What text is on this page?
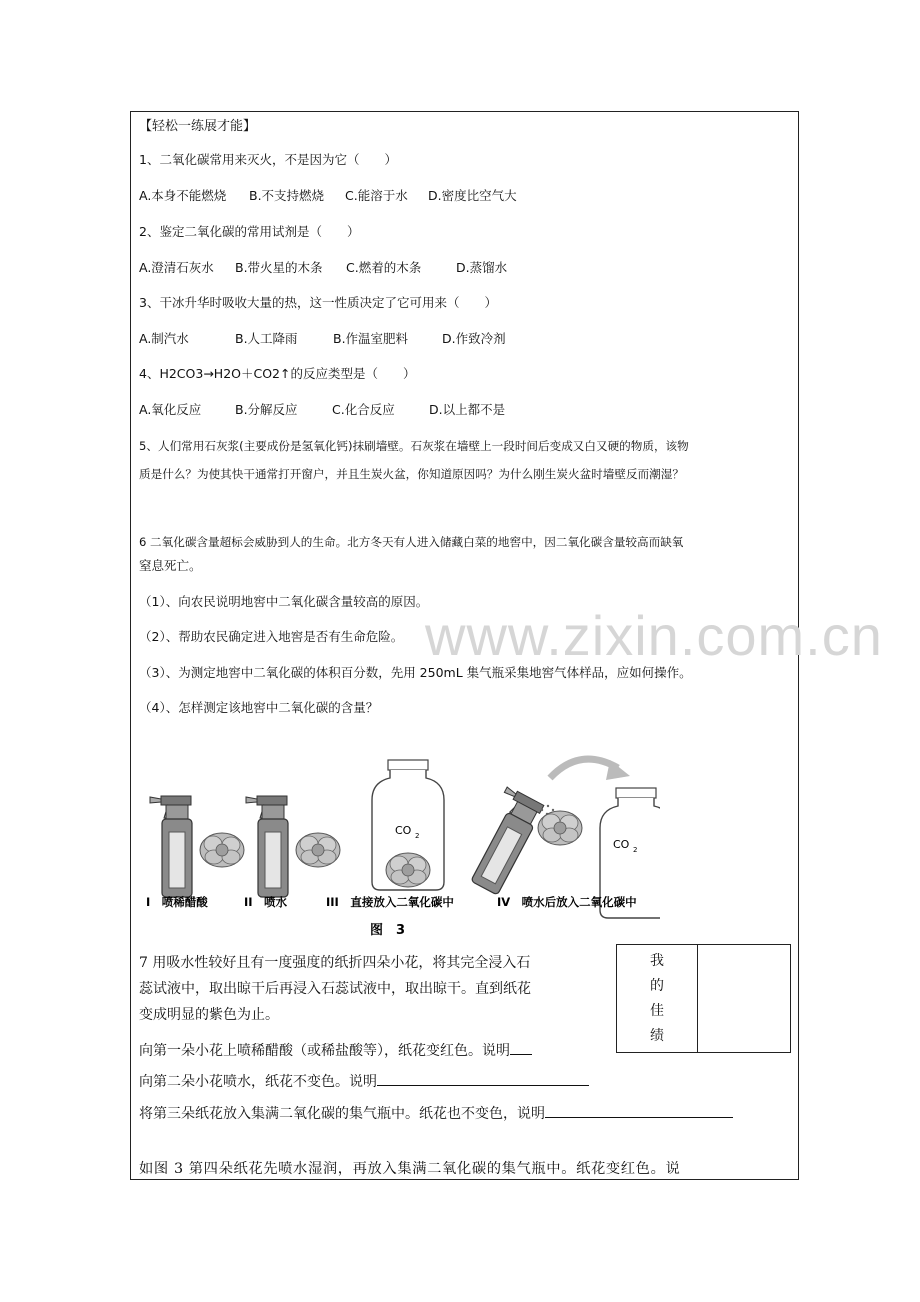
【轻松一练展才能】
1、二氧化碳常用来灭火，不是因为它（　　）
A.本身不能燃烧 B.不支持燃烧 C.能溶于水 D.密度比空气大
2、鉴定二氧化碳的常用试剂是（　　）
A.澄清石灰水 B.带火星的木条 C.燃着的木条	D.蒸馏水
3、干冰升华时吸收大量的热，这一性质决定了它可用来（　　）
A.制汽水	B.人工降雨	B.作温室肥料	D.作致冷剂
4、H2CO3→H2O＋CO2↑的反应类型是（　　）
A.氧化反应	B.分解反应	C.化合反应	D.以上都不是
5、人们常用石灰浆(主要成份是氢氧化钙)抹刷墙壁。石灰浆在墙壁上一段时间后变成又白又硬的物质，该物
质是什么？为使其快干通常打开窗户，并且生炭火盆，你知道原因吗？为什么刚生炭火盆时墙壁反而潮湿？
6 二氧化碳含量超标会威胁到人的生命。北方冬天有人进入储藏白菜的地窖中，因二氧化碳含量较高而缺氧
窒息死亡。
（1）、向农民说明地窖中二氧化碳含量较高的原因。
（2）、帮助农民确定进入地窖是否有生命危险。
（3）、为测定地窖中二氧化碳的体积百分数，先用 250mL 集气瓶采集地窖气体样品，应如何操作。
（4）、怎样测定该地窖中二氧化碳的含量？
www.zixin.com.cn
CO 2
CO 2
I　喷稀醋酸	II　喷水	III　直接放入二氧化碳中	IV　喷水后放入二氧化碳中
图　3
7 用吸水性较好且有一度强度的纸折四朵小花，将其完全浸入石
蕊试液中，取出晾干后再浸入石蕊试液中，取出晾干。直到纸花
变成明显的紫色为止。
向第一朵小花上喷稀醋酸（或稀盐酸等），纸花变红色。说明
向第二朵小花喷水，纸花不变色。说明
将第三朵纸花放入集满二氧化碳的集气瓶中。纸花也不变色，说明
如图 3 第四朵纸花先喷水湿润，再放入集满二氧化碳的集气瓶中。纸花变红色。说
我
的
佳
绩
